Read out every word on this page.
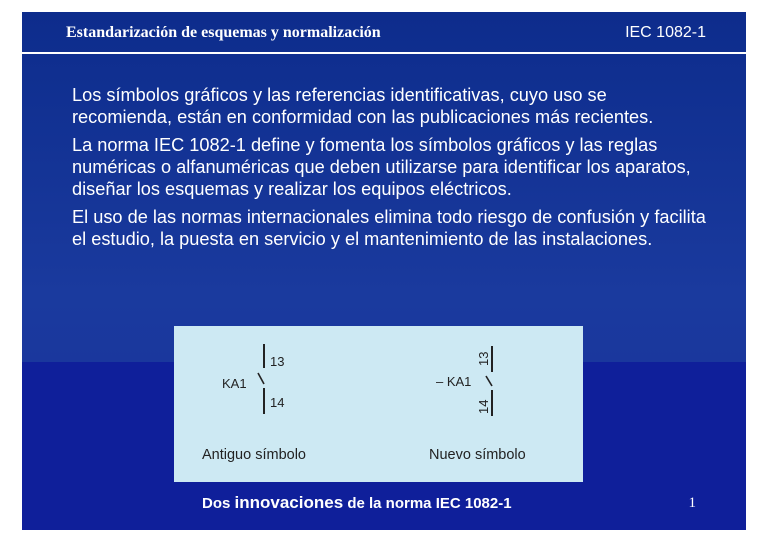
Estandarización de esquemas y normalización	IEC 1082-1

Los símbolos gráficos y las referencias identificativas, cuyo uso se recomienda, están en conformidad con las publicaciones más recientes.

La norma IEC 1082-1 define y fomenta los símbolos gráficos y las reglas numéricas o alfanuméricas que deben utilizarse para identificar los aparatos, diseñar los esquemas y realizar los equipos eléctricos.

El uso de las normas internacionales elimina todo riesgo de confusión y facilita el estudio, la puesta en servicio y el mantenimiento de las instalaciones.

13
14
KA1
13
14
– KA1
Antiguo símbolo	Nuevo símbolo
Dos innovaciones de la norma IEC 1082-1	1
